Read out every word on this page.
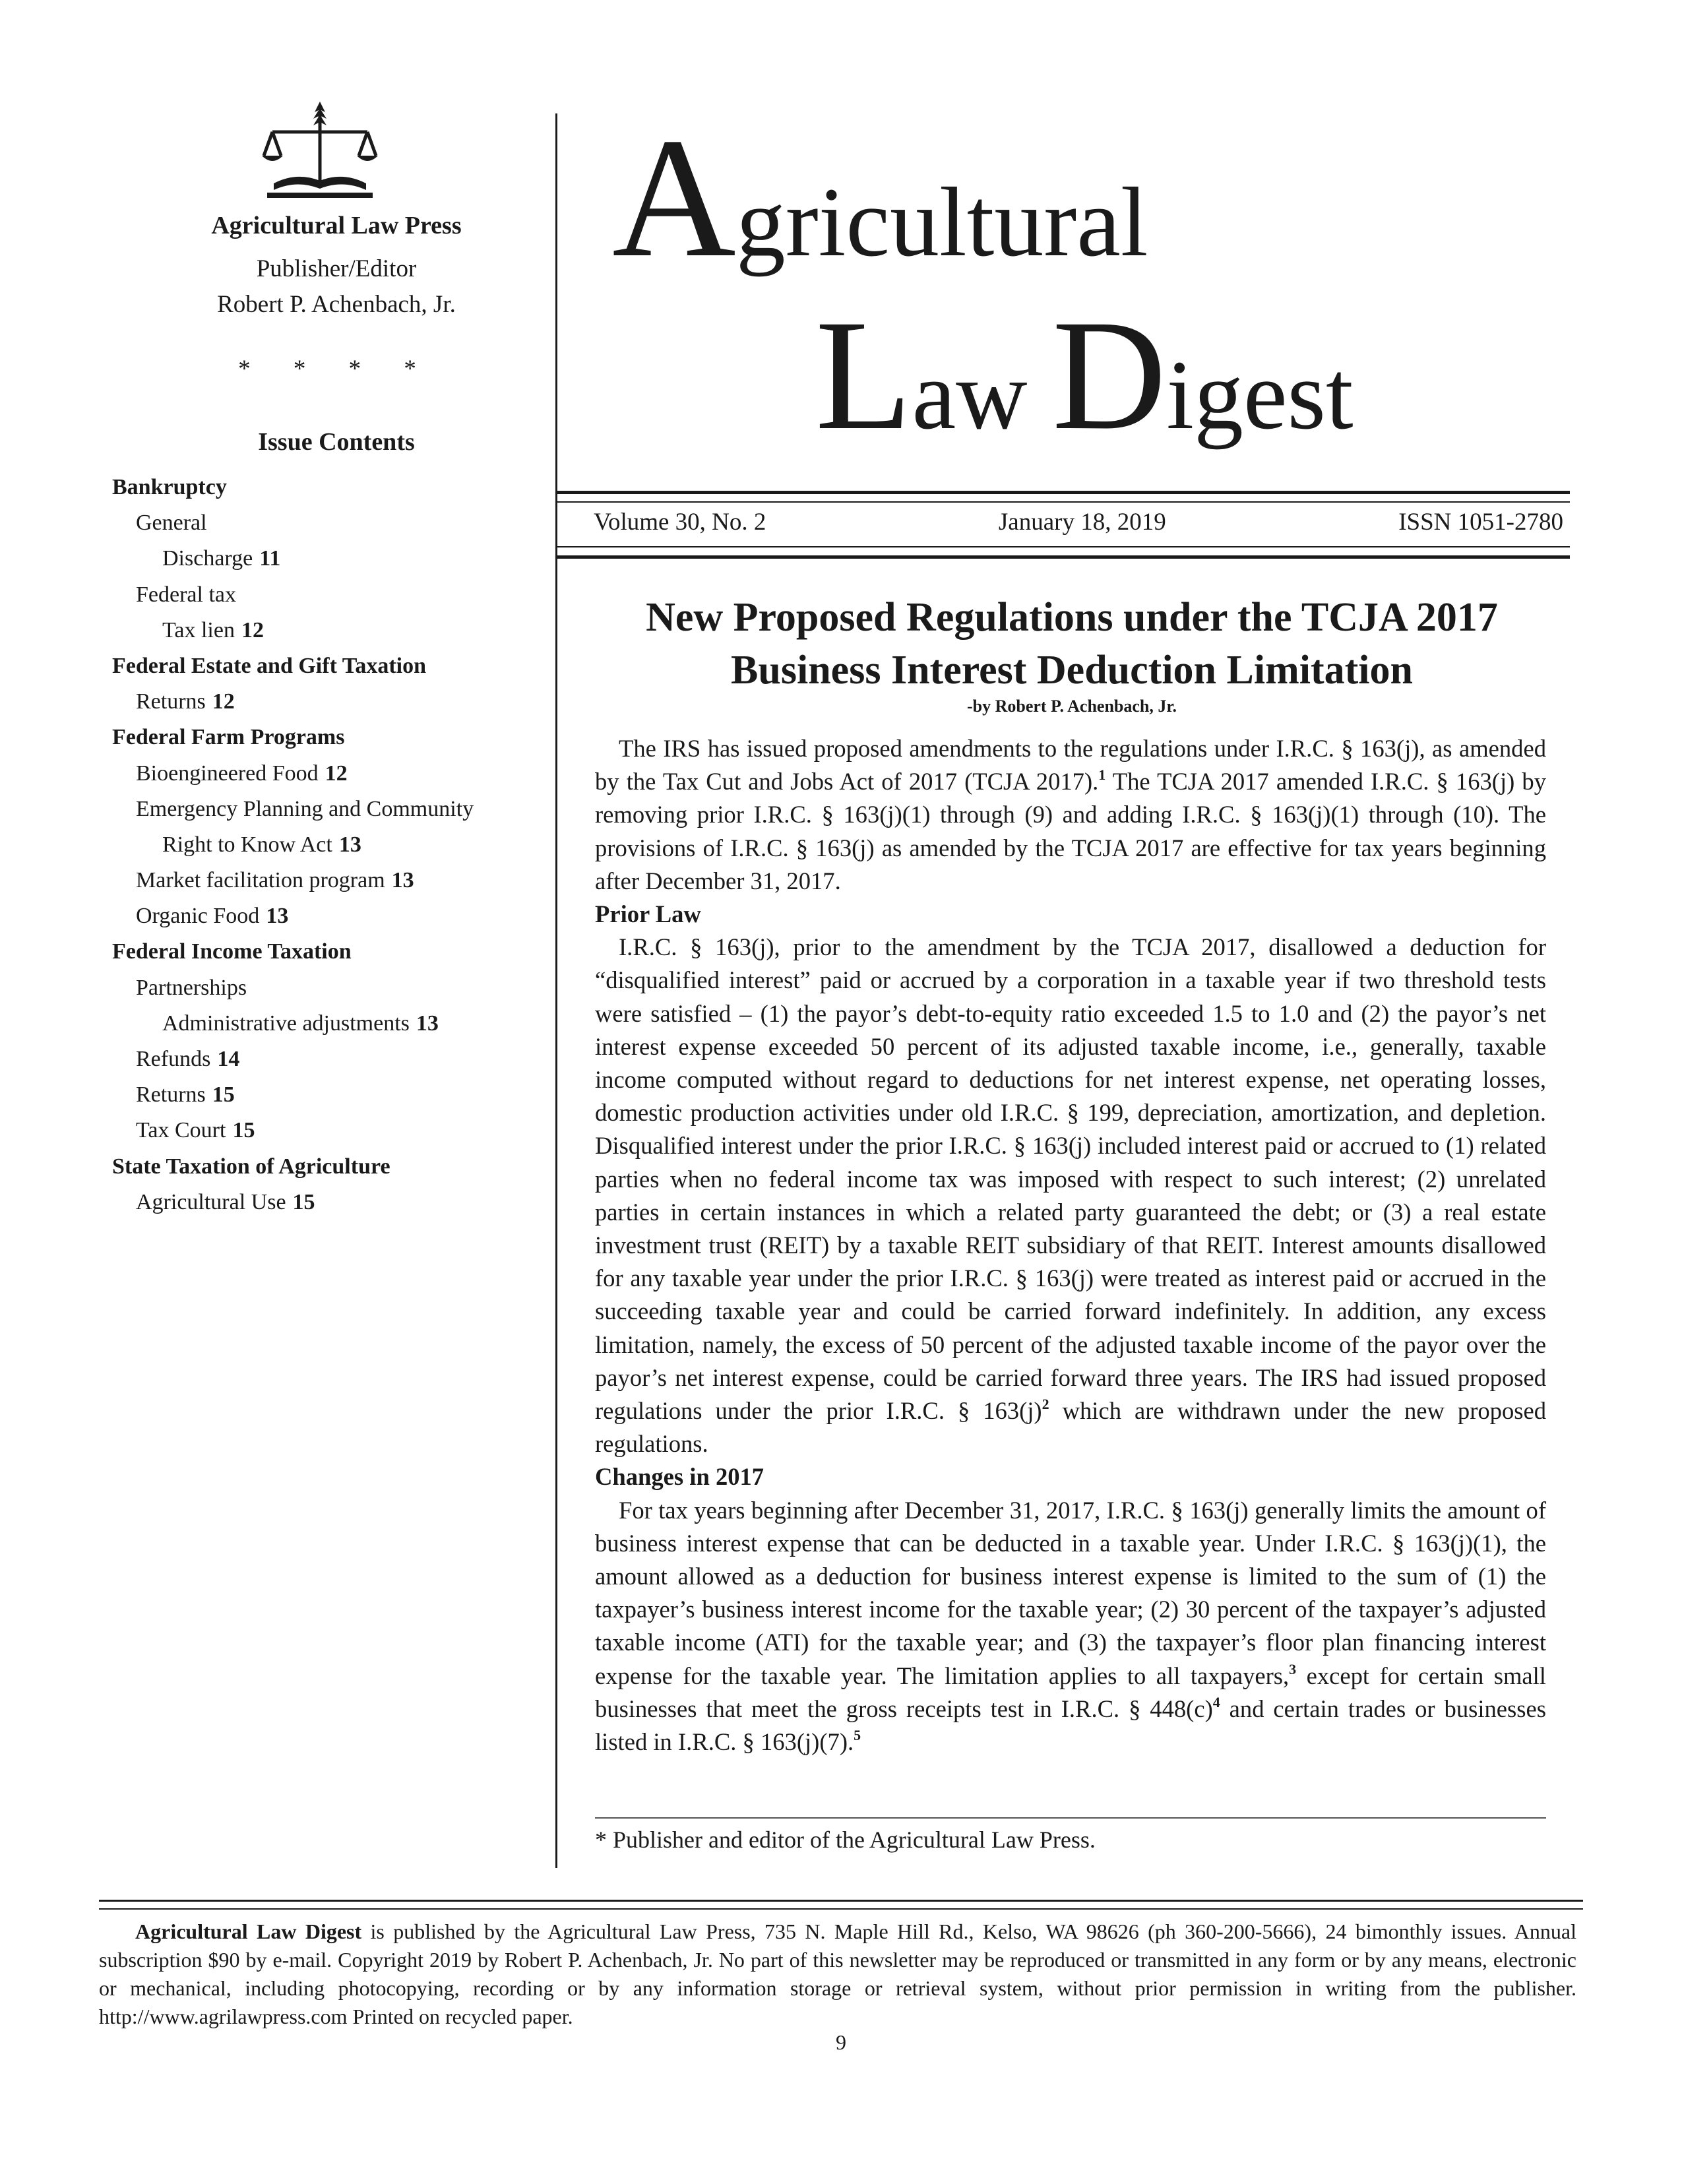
Agricultural Law Press
Publisher/Editor
Robert P. Achenbach, Jr.
* * * *
Issue Contents
Bankruptcy
General
Discharge 11
Federal tax
Tax lien 12
Federal Estate and Gift Taxation
Returns 12
Federal Farm Programs
Bioengineered Food 12
Emergency Planning and Community
Right to Know Act 13
Market facilitation program 13
Organic Food 13
Federal Income Taxation
Partnerships
Administrative adjustments 13
Refunds 14
Returns 15
Tax Court 15
State Taxation of Agriculture
Agricultural Use 15
Agricultural
Law Digest
Volume 30, No. 2	January 18, 2019	ISSN 1051-2780
New Proposed Regulations under the TCJA 2017
Business Interest Deduction Limitation
-by Robert P. Achenbach, Jr.

The IRS has issued proposed amendments to the regulations under I.R.C. § 163(j), as amended by the Tax Cut and Jobs Act of 2017 (TCJA 2017).$^1$ The TCJA 2017 amended I.R.C. § 163(j) by removing prior I.R.C. § 163(j)(1) through (9) and adding I.R.C. § 163(j)(1) through (10). The provisions of I.R.C. § 163(j) as amended by the TCJA 2017 are effective for tax years beginning after December 31, 2017.

Prior Law

I.R.C. § 163(j), prior to the amendment by the TCJA 2017, disallowed a deduction for “disqualified interest” paid or accrued by a corporation in a taxable year if two threshold tests were satisfied – (1) the payor’s debt-to-equity ratio exceeded 1.5 to 1.0 and (2) the payor’s net interest expense exceeded 50 percent of its adjusted taxable income, i.e., generally, taxable income computed without regard to deductions for net interest expense, net operating losses, domestic production activities under old I.R.C. § 199, depreciation, amortization, and depletion. Disqualified interest under the prior I.R.C. § 163(j) included interest paid or accrued to (1) related parties when no federal income tax was imposed with respect to such interest; (2) unrelated parties in certain instances in which a related party guaranteed the debt; or (3) a real estate investment trust (REIT) by a taxable REIT subsidiary of that REIT. Interest amounts disallowed for any taxable year under the prior I.R.C. § 163(j) were treated as interest paid or accrued in the succeeding taxable year and could be carried forward indefinitely. In addition, any excess limitation, namely, the excess of 50 percent of the adjusted taxable income of the payor over the payor’s net interest expense, could be carried forward three years. The IRS had issued proposed regulations under the prior I.R.C. § $163(j)^2$ which are withdrawn under the new proposed regulations.

Changes in 2017

For tax years beginning after December 31, 2017, I.R.C. § 163(j) generally limits the amount of business interest expense that can be deducted in a taxable year. Under I.R.C. § 163(j)(1), the amount allowed as a deduction for business interest expense is limited to the sum of (1) the taxpayer’s business interest income for the taxable year; (2) 30 percent of the taxpayer’s adjusted taxable income (ATI) for the taxable year; and (3) the taxpayer’s floor plan financing interest expense for the taxable year. The limitation applies to all taxpayers,$^3$ except for certain small businesses that meet the gross receipts test in I.R.C. § $448(c)^4$ and certain trades or businesses listed in I.R.C. § 163(j)(7).$^5$

* Publisher and editor of the Agricultural Law Press.

Agricultural Law Digest is published by the Agricultural Law Press, 735 N. Maple Hill Rd., Kelso, WA 98626 (ph 360-200-5666), 24 bimonthly issues. Annual subscription $90 by e-mail. Copyright 2019 by Robert P. Achenbach, Jr. No part of this newsletter may be reproduced or transmitted in any form or by any means, electronic or mechanical, including photocopying, recording or by any information storage or retrieval system, without prior permission in writing from the publisher. http://www.agrilawpress.com Printed on recycled paper.

9
